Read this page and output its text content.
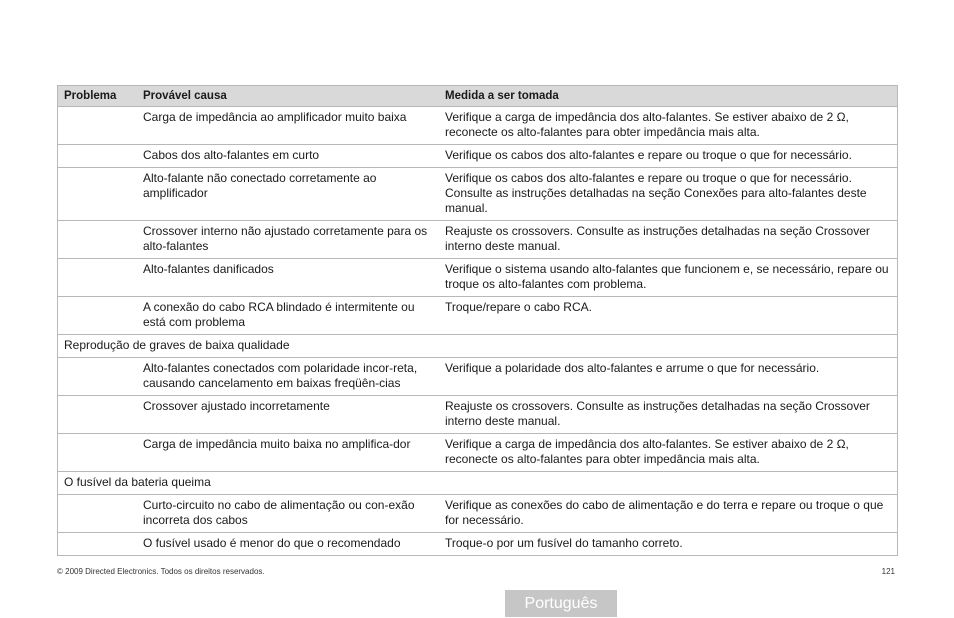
Problema	Provável causa	Medida a ser tomada
	Carga de impedância ao amplificador muito baixa	Verifique a carga de impedância dos alto-falantes. Se estiver abaixo de 2 Ω, reconecte os alto-falantes para obter impedância mais alta.
	Cabos dos alto-falantes em curto	Verifique os cabos dos alto-falantes e repare ou troque o que for necessário.
	Alto-falante não conectado corretamente ao amplificador	Verifique os cabos dos alto-falantes e repare ou troque o que for necessário. Consulte as instruções detalhadas na seção Conexões para alto-falantes deste manual.
	Crossover interno não ajustado corretamente para os alto-falantes	Reajuste os crossovers. Consulte as instruções detalhadas na seção Crossover interno deste manual.
	Alto-falantes danificados	Verifique o sistema usando alto-falantes que funcionem e, se necessário, repare ou troque os alto-falantes com problema.
	A conexão do cabo RCA blindado é intermitente ou está com problema	Troque/repare o cabo RCA.
Reprodução de graves de baixa qualidade		
	Alto-falantes conectados com polaridade incor-reta, causando cancelamento em baixas freqüên-cias	Verifique a polaridade dos alto-falantes e arrume o que for necessário.
	Crossover ajustado incorretamente	Reajuste os crossovers. Consulte as instruções detalhadas na seção Crossover interno deste manual.
	Carga de impedância muito baixa no amplifica-dor	Verifique a carga de impedância dos alto-falantes. Se estiver abaixo de 2 Ω, reconecte os alto-falantes para obter impedância mais alta.
O fusível da bateria queima		
	Curto-circuito no cabo de alimentação ou con-exão incorreta dos cabos	Verifique as conexões do cabo de alimentação e do terra e repare ou troque o que for necessário.
	O fusível usado é menor do que o recomendado	Troque-o por um fusível do tamanho correto.
© 2009 Directed Electronics. Todos os direitos reservados.	121
Português
